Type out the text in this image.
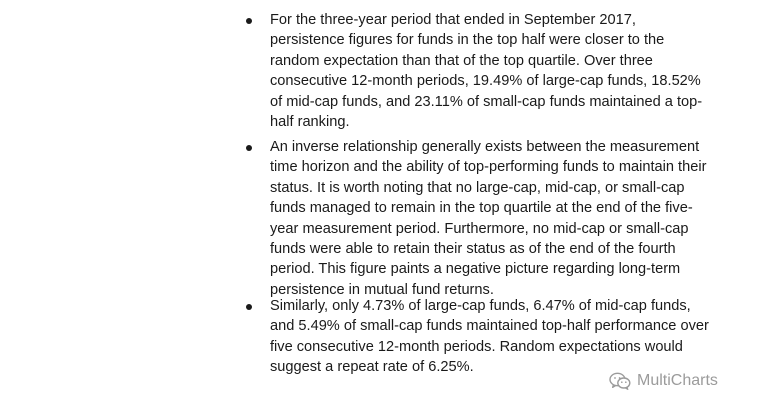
For the three-year period that ended in September 2017,
persistence figures for funds in the top half were closer to the
random expectation than that of the top quartile. Over three
consecutive 12-month periods, 19.49% of large-cap funds, 18.52%
of mid-cap funds, and 23.11% of small-cap funds maintained a top-
half ranking.
An inverse relationship generally exists between the measurement
time horizon and the ability of top-performing funds to maintain their
status. It is worth noting that no large-cap, mid-cap, or small-cap
funds managed to remain in the top quartile at the end of the five-
year measurement period. Furthermore, no mid-cap or small-cap
funds were able to retain their status as of the end of the fourth
period. This figure paints a negative picture regarding long-term
persistence in mutual fund returns.
Similarly, only 4.73% of large-cap funds, 6.47% of mid-cap funds,
and 5.49% of small-cap funds maintained top-half performance over
five consecutive 12-month periods. Random expectations would
suggest a repeat rate of 6.25%.
MultiCharts
